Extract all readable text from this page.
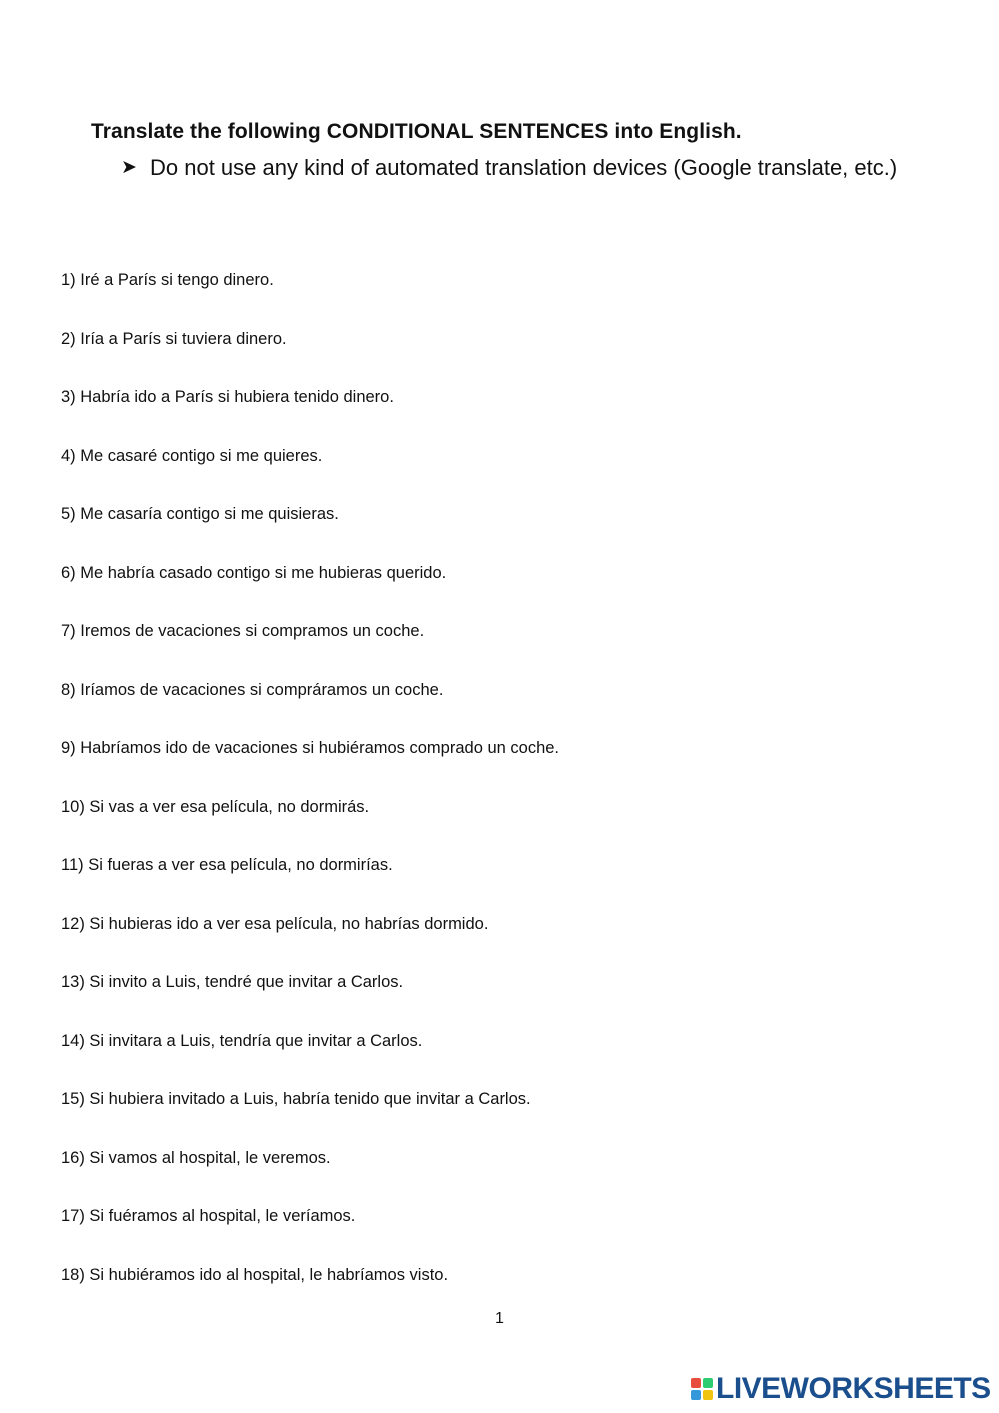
Translate the following CONDITIONAL SENTENCES into English.
➤ Do not use any kind of automated translation devices (Google translate, etc.)
1) Iré a París si tengo dinero.
2) Iría a París si tuviera dinero.
3) Habría ido a París si hubiera tenido dinero.
4) Me casaré contigo si me quieres.
5) Me casaría contigo si me quisieras.
6) Me habría casado contigo si me hubieras querido.
7) Iremos de vacaciones si compramos un coche.
8) Iríamos de vacaciones si compráramos un coche.
9) Habríamos ido de vacaciones si hubiéramos comprado un coche.
10) Si vas a ver esa película, no dormirás.
11) Si fueras a ver esa película, no dormirías.
12) Si hubieras ido a ver esa película, no habrías dormido.
13) Si invito a Luis, tendré que invitar a Carlos.
14) Si invitara a Luis, tendría que invitar a Carlos.
15) Si hubiera invitado a Luis, habría tenido que invitar a Carlos.
16) Si vamos al hospital, le veremos.
17) Si fuéramos al hospital, le veríamos.
18) Si hubiéramos ido al hospital, le habríamos visto.
1
LIVEWORKSHEETS
